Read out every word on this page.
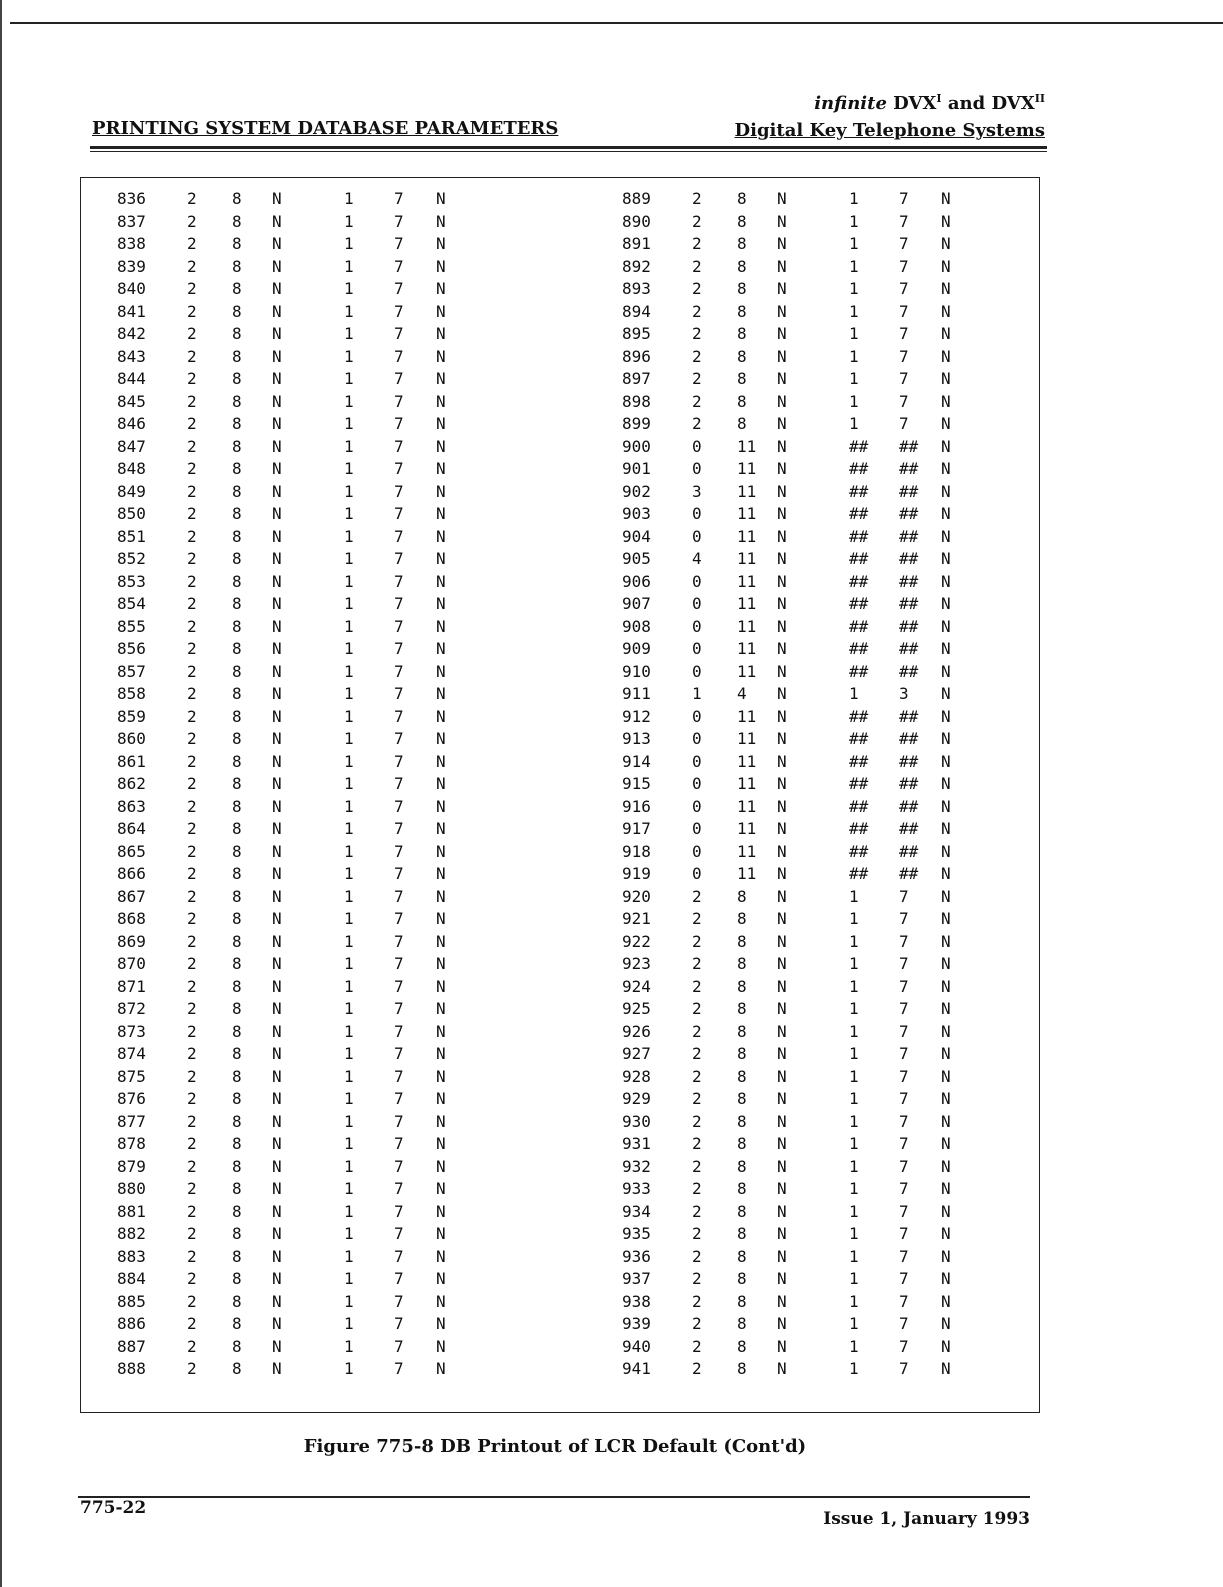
infinite $DVX^I$ and $DVX^{II}$
PRINTING SYSTEM DATABASE PARAMETERS	Digital Key Telephone Systems
836	2	8	N	1	7	N
837	2	8	N	1	7	N
838	2	8	N	1	7	N
839	2	8	N	1	7	N
840	2	8	N	1	7	N
841	2	8	N	1	7	N
842	2	8	N	1	7	N
843	2	8	N	1	7	N
844	2	8	N	1	7	N
845	2	8	N	1	7	N
846	2	8	N	1	7	N
847	2	8	N	1	7	N
848	2	8	N	1	7	N
849	2	8	N	1	7	N
850	2	8	N	1	7	N
851	2	8	N	1	7	N
852	2	8	N	1	7	N
853	2	8	N	1	7	N
854	2	8	N	1	7	N
855	2	8	N	1	7	N
856	2	8	N	1	7	N
857	2	8	N	1	7	N
858	2	8	N	1	7	N
859	2	8	N	1	7	N
860	2	8	N	1	7	N
861	2	8	N	1	7	N
862	2	8	N	1	7	N
863	2	8	N	1	7	N
864	2	8	N	1	7	N
865	2	8	N	1	7	N
866	2	8	N	1	7	N
867	2	8	N	1	7	N
868	2	8	N	1	7	N
869	2	8	N	1	7	N
870	2	8	N	1	7	N
871	2	8	N	1	7	N
872	2	8	N	1	7	N
873	2	8	N	1	7	N
874	2	8	N	1	7	N
875	2	8	N	1	7	N
876	2	8	N	1	7	N
877	2	8	N	1	7	N
878	2	8	N	1	7	N
879	2	8	N	1	7	N
880	2	8	N	1	7	N
881	2	8	N	1	7	N
882	2	8	N	1	7	N
883	2	8	N	1	7	N
884	2	8	N	1	7	N
885	2	8	N	1	7	N
886	2	8	N	1	7	N
887	2	8	N	1	7	N
888	2	8	N	1	7	N
889	2	8	N	1	7	N
890	2	8	N	1	7	N
891	2	8	N	1	7	N
892	2	8	N	1	7	N
893	2	8	N	1	7	N
894	2	8	N	1	7	N
895	2	8	N	1	7	N
896	2	8	N	1	7	N
897	2	8	N	1	7	N
898	2	8	N	1	7	N
899	2	8	N	1	7	N
900	0	11	N	##	##	N
901	0	11	N	##	##	N
902	3	11	N	##	##	N
903	0	11	N	##	##	N
904	0	11	N	##	##	N
905	4	11	N	##	##	N
906	0	11	N	##	##	N
907	0	11	N	##	##	N
908	0	11	N	##	##	N
909	0	11	N	##	##	N
910	0	11	N	##	##	N
911	1	4	N	1	3	N
912	0	11	N	##	##	N
913	0	11	N	##	##	N
914	0	11	N	##	##	N
915	0	11	N	##	##	N
916	0	11	N	##	##	N
917	0	11	N	##	##	N
918	0	11	N	##	##	N
919	0	11	N	##	##	N
920	2	8	N	1	7	N
921	2	8	N	1	7	N
922	2	8	N	1	7	N
923	2	8	N	1	7	N
924	2	8	N	1	7	N
925	2	8	N	1	7	N
926	2	8	N	1	7	N
927	2	8	N	1	7	N
928	2	8	N	1	7	N
929	2	8	N	1	7	N
930	2	8	N	1	7	N
931	2	8	N	1	7	N
932	2	8	N	1	7	N
933	2	8	N	1	7	N
934	2	8	N	1	7	N
935	2	8	N	1	7	N
936	2	8	N	1	7	N
937	2	8	N	1	7	N
938	2	8	N	1	7	N
939	2	8	N	1	7	N
940	2	8	N	1	7	N
941	2	8	N	1	7	N
Figure 775-8 DB Printout of LCR Default (Cont'd)
775-22
Issue 1, January 1993
